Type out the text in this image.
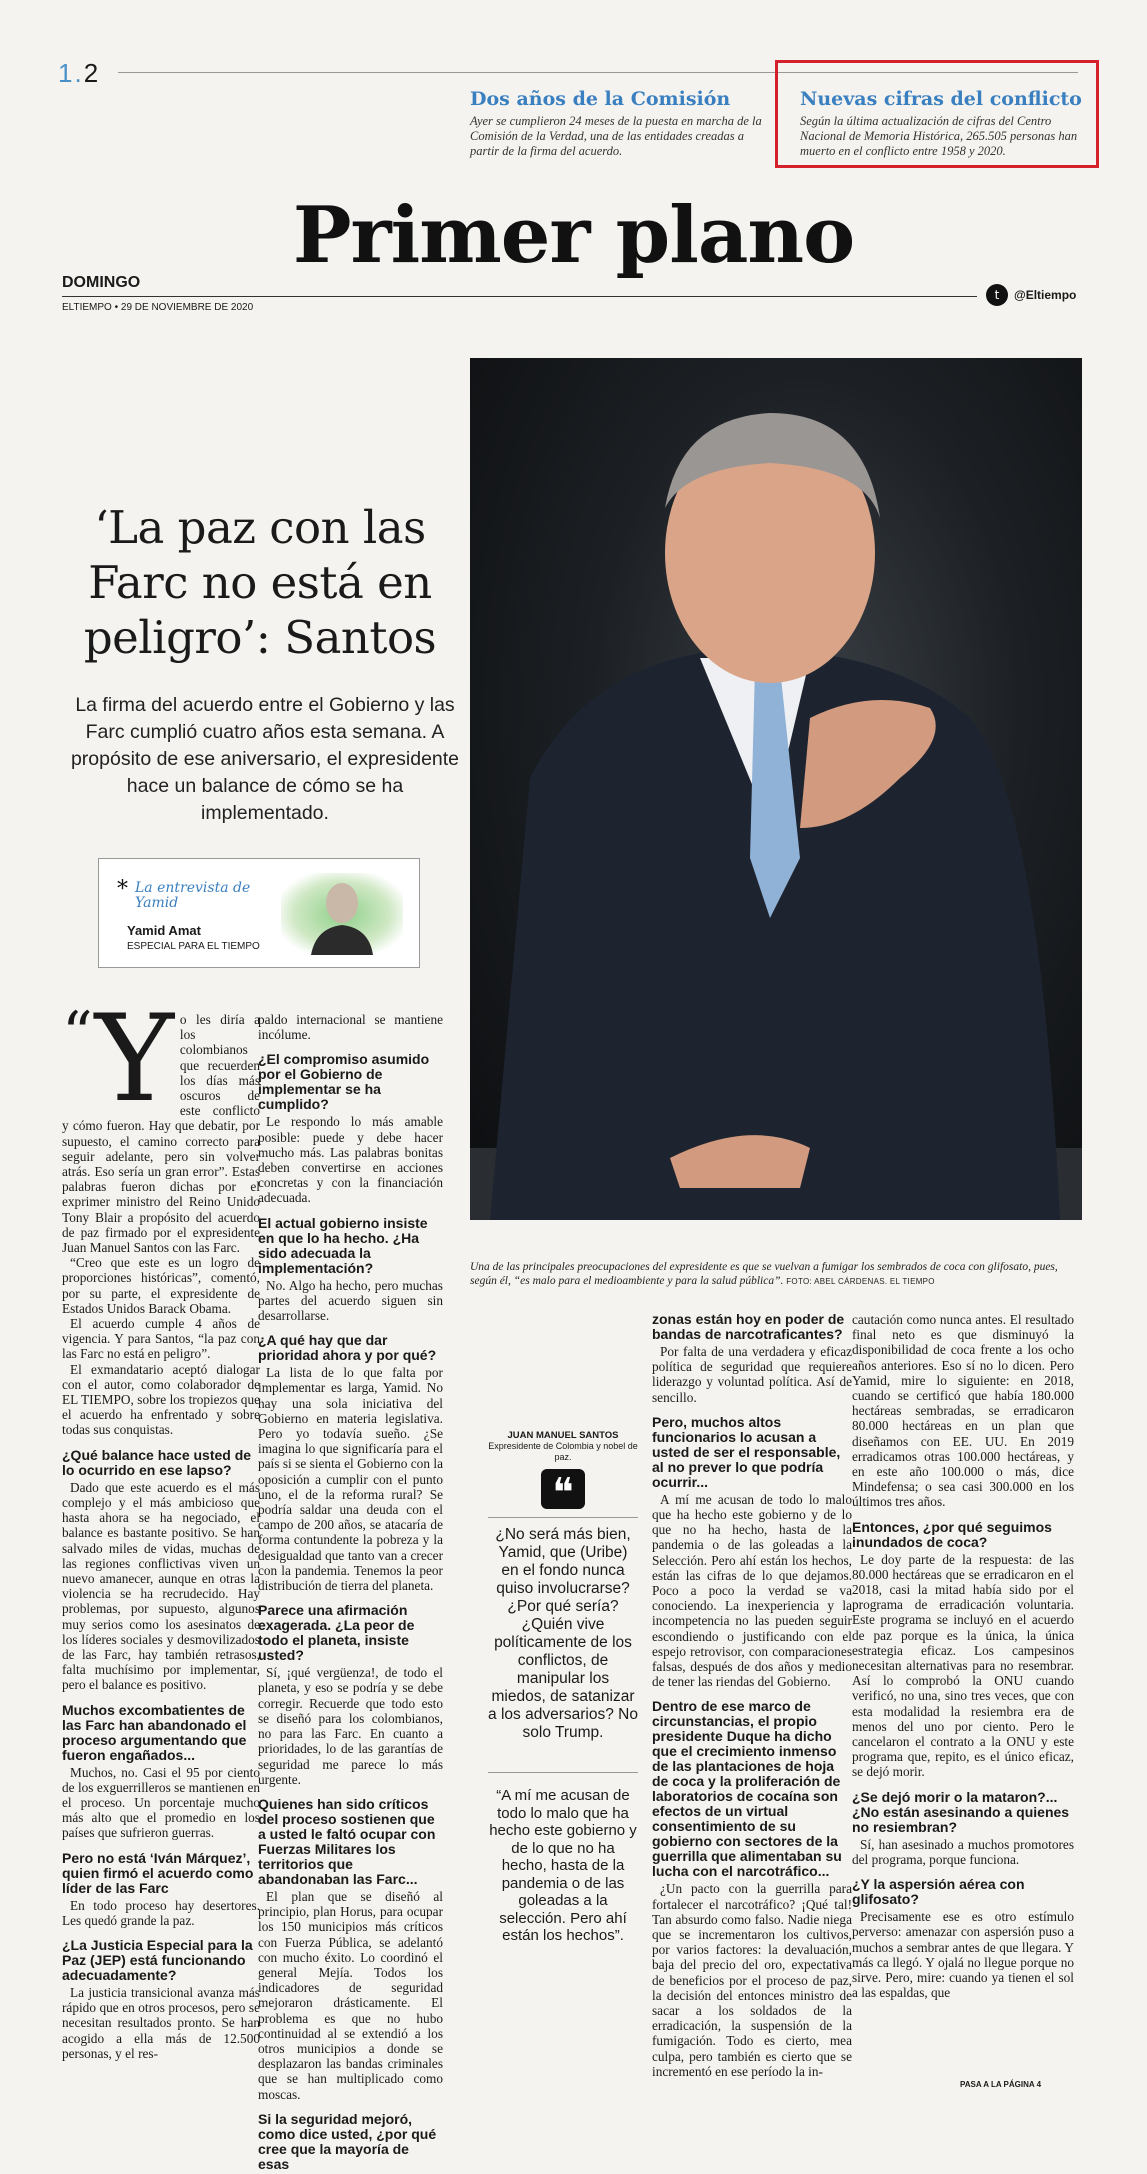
1.2
Dos años de la Comisión

Ayer se cumplieron 24 meses de la puesta en marcha de la Comisión de la Verdad, una de las entidades creadas a partir de la firma del acuerdo.

Nuevas cifras del conflicto

Según la última actualización de cifras del Centro Nacional de Memoria Histórica, 265.505 personas han muerto en el conflicto entre 1958 y 2020.

Primer plano
DOMINGO
ELTIEMPO • 29 DE NOVIEMBRE DE 2020
t	@Eltiempo
Una de las principales preocupaciones del expresidente es que se vuelvan a fumigar los sembrados de coca con glifosato, pues, según él, “es malo para el medioambiente y para la salud pública”. FOTO: ABEL CÁRDENAS. EL TIEMPO
‘La paz con las Farc no está en peligro’: Santos
La firma del acuerdo entre el Gobierno y las Farc cumplió cuatro años esta semana. A propósito de ese aniversario, el expresidente hace un balance de cómo se ha implementado.
* La entrevista de Yamid
Yamid Amat
ESPECIAL PARA EL TIEMPO
“ Y o les diría a los colombianos que recuerden los días más oscuros de este conflicto y cómo fueron. Hay que debatir, por supuesto, el camino correcto para seguir adelante, pero sin volver atrás. Eso sería un gran error”. Estas palabras fueron dichas por el exprimer ministro del Reino Unido Tony Blair a propósito del acuerdo de paz firmado por el expresidente Juan Manuel Santos con las Farc.

“Creo que este es un logro de proporciones históricas”, comentó, por su parte, el expresidente de Estados Unidos Barack Obama.

El acuerdo cumple 4 años de vigencia. Y para Santos, “la paz con las Farc no está en peligro”.

El exmandatario aceptó dialogar con el autor, como colaborador de EL TIEMPO, sobre los tropiezos que el acuerdo ha enfrentado y sobre todas sus conquistas.

¿Qué balance hace usted de lo ocurrido en ese lapso?

Dado que este acuerdo es el más complejo y el más ambicioso que hasta ahora se ha negociado, el balance es bastante positivo. Se han salvado miles de vidas, muchas de las regiones conflictivas viven un nuevo amanecer, aunque en otras la violencia se ha recrudecido. Hay problemas, por supuesto, algunos muy serios como los asesinatos de los líderes sociales y desmovilizados de las Farc, hay también retrasos, falta muchísimo por implementar, pero el balance es positivo.

Muchos excombatientes de las Farc han abandonado el proceso argumentando que fueron engañados...

Muchos, no. Casi el 95 por ciento de los exguerrilleros se mantienen en el proceso. Un porcentaje mucho más alto que el promedio en los países que sufrieron guerras.

Pero no está ‘Iván Márquez’, quien firmó el acuerdo como líder de las Farc

En todo proceso hay desertores. Les quedó grande la paz.

¿La Justicia Especial para la Paz (JEP) está funcionando adecuadamente?

La justicia transicional avanza más rápido que en otros procesos, pero se necesitan resultados pronto. Se han acogido a ella más de 12.500 personas, y el res-

paldo internacional se mantiene incólume.

¿El compromiso asumido por el Gobierno de implementar se ha cumplido?

Le respondo lo más amable posible: puede y debe hacer mucho más. Las palabras bonitas deben convertirse en acciones concretas y con la financiación adecuada.

El actual gobierno insiste en que lo ha hecho. ¿Ha sido adecuada la implementación?

No. Algo ha hecho, pero muchas partes del acuerdo siguen sin desarrollarse.

¿A qué hay que dar prioridad ahora y por qué?

La lista de lo que falta por implementar es larga, Yamid. No hay una sola iniciativa del Gobierno en materia legislativa. Pero yo todavía sueño. ¿Se imagina lo que significaría para el país si se sienta el Gobierno con la oposición a cumplir con el punto uno, el de la reforma rural? Se podría saldar una deuda con el campo de 200 años, se atacaría de forma contundente la pobreza y la desigualdad que tanto van a crecer con la pandemia. Tenemos la peor distribución de tierra del planeta.

Parece una afirmación exagerada. ¿La peor de todo el planeta, insiste usted?

Sí, ¡qué vergüenza!, de todo el planeta, y eso se podría y se debe corregir. Recuerde que todo esto se diseñó para los colombianos, no para las Farc. En cuanto a prioridades, lo de las garantías de seguridad me parece lo más urgente.

Quienes han sido críticos del proceso sostienen que a usted le faltó ocupar con Fuerzas Militares los territorios que abandonaban las Farc...

El plan que se diseñó al principio, plan Horus, para ocupar los 150 municipios más críticos con Fuerza Pública, se adelantó con mucho éxito. Lo coordinó el general Mejía. Todos los indicadores de seguridad mejoraron drásticamente. El problema es que no hubo continuidad al se extendió a los otros municipios a donde se desplazaron las bandas criminales que se han multiplicado como moscas.

Si la seguridad mejoró, como dice usted, ¿por qué cree que la mayoría de esas
JUAN MANUEL SANTOS
Expresidente de Colombia y nobel de paz.
❝
¿No será más bien, Yamid, que (Uribe) en el fondo nunca quiso involucrarse? ¿Por qué sería? ¿Quién vive políticamente de los conflictos, de manipular los miedos, de satanizar a los adversarios? No solo Trump.
“A mí me acusan de todo lo malo que ha hecho este gobierno y de lo que no ha hecho, hasta de la pandemia o de las goleadas a la selección. Pero ahí están los hechos”.
zonas están hoy en poder de bandas de narcotraficantes?

Por falta de una verdadera y eficaz política de seguridad que requiere liderazgo y voluntad política. Así de sencillo.

Pero, muchos altos funcionarios lo acusan a usted de ser el responsable, al no prever lo que podría ocurrir...

A mí me acusan de todo lo malo que ha hecho este gobierno y de lo que no ha hecho, hasta de la pandemia o de las goleadas a la Selección. Pero ahí están los hechos, están las cifras de lo que dejamos. Poco a poco la verdad se va conociendo. La inexperiencia y la incompetencia no las pueden seguir escondiendo o justificando con el espejo retrovisor, con comparaciones falsas, después de dos años y medio de tener las riendas del Gobierno.

Dentro de ese marco de circunstancias, el propio presidente Duque ha dicho que el crecimiento inmenso de las plantaciones de hoja de coca y la proliferación de laboratorios de cocaína son efectos de un virtual consentimiento de su gobierno con sectores de la guerrilla que alimentaban su lucha con el narcotráfico...

¿Un pacto con la guerrilla para fortalecer el narcotráfico? ¡Qué tal! Tan absurdo como falso. Nadie niega que se incrementaron los cultivos, por varios factores: la devaluación, baja del precio del oro, expectativa de beneficios por el proceso de paz, la decisión del entonces ministro de sacar a los soldados de la erradicación, la suspensión de la fumigación. Todo es cierto, mea culpa, pero también es cierto que se incrementó en ese período la in-

cautación como nunca antes. El resultado final neto es que disminuyó la disponibilidad de coca frente a los ocho años anteriores. Eso sí no lo dicen. Pero Yamid, mire lo siguiente: en 2018, cuando se certificó que había 180.000 hectáreas sembradas, se erradicaron 80.000 hectáreas en un plan que diseñamos con EE. UU. En 2019 erradicamos otras 100.000 hectáreas, y en este año 100.000 o más, dice Mindefensa; o sea casi 300.000 en los últimos tres años.

Entonces, ¿por qué seguimos inundados de coca?

Le doy parte de la respuesta: de las 80.000 hectáreas que se erradicaron en el 2018, casi la mitad había sido por el programa de erradicación voluntaria. Este programa se incluyó en el acuerdo de paz porque es la única, la única estrategia eficaz. Los campesinos necesitan alternativas para no resembrar. Así lo comprobó la ONU cuando verificó, no una, sino tres veces, que con esta modalidad la resiembra era de menos del uno por ciento. Pero le cancelaron el contrato a la ONU y este programa que, repito, es el único eficaz, se dejó morir.

¿Se dejó morir o la mataron?... ¿No están asesinando a quienes no resiembran?

Sí, han asesinado a muchos promotores del programa, porque funciona.

¿Y la aspersión aérea con glifosato?

Precisamente ese es otro estímulo perverso: amenazar con aspersión puso a muchos a sembrar antes de que llegara. Y más ca llegó. Y ojalá no llegue porque no sirve. Pero, mire: cuando ya tienen el sol a las espaldas, que

PASA A LA PÁGINA 4
